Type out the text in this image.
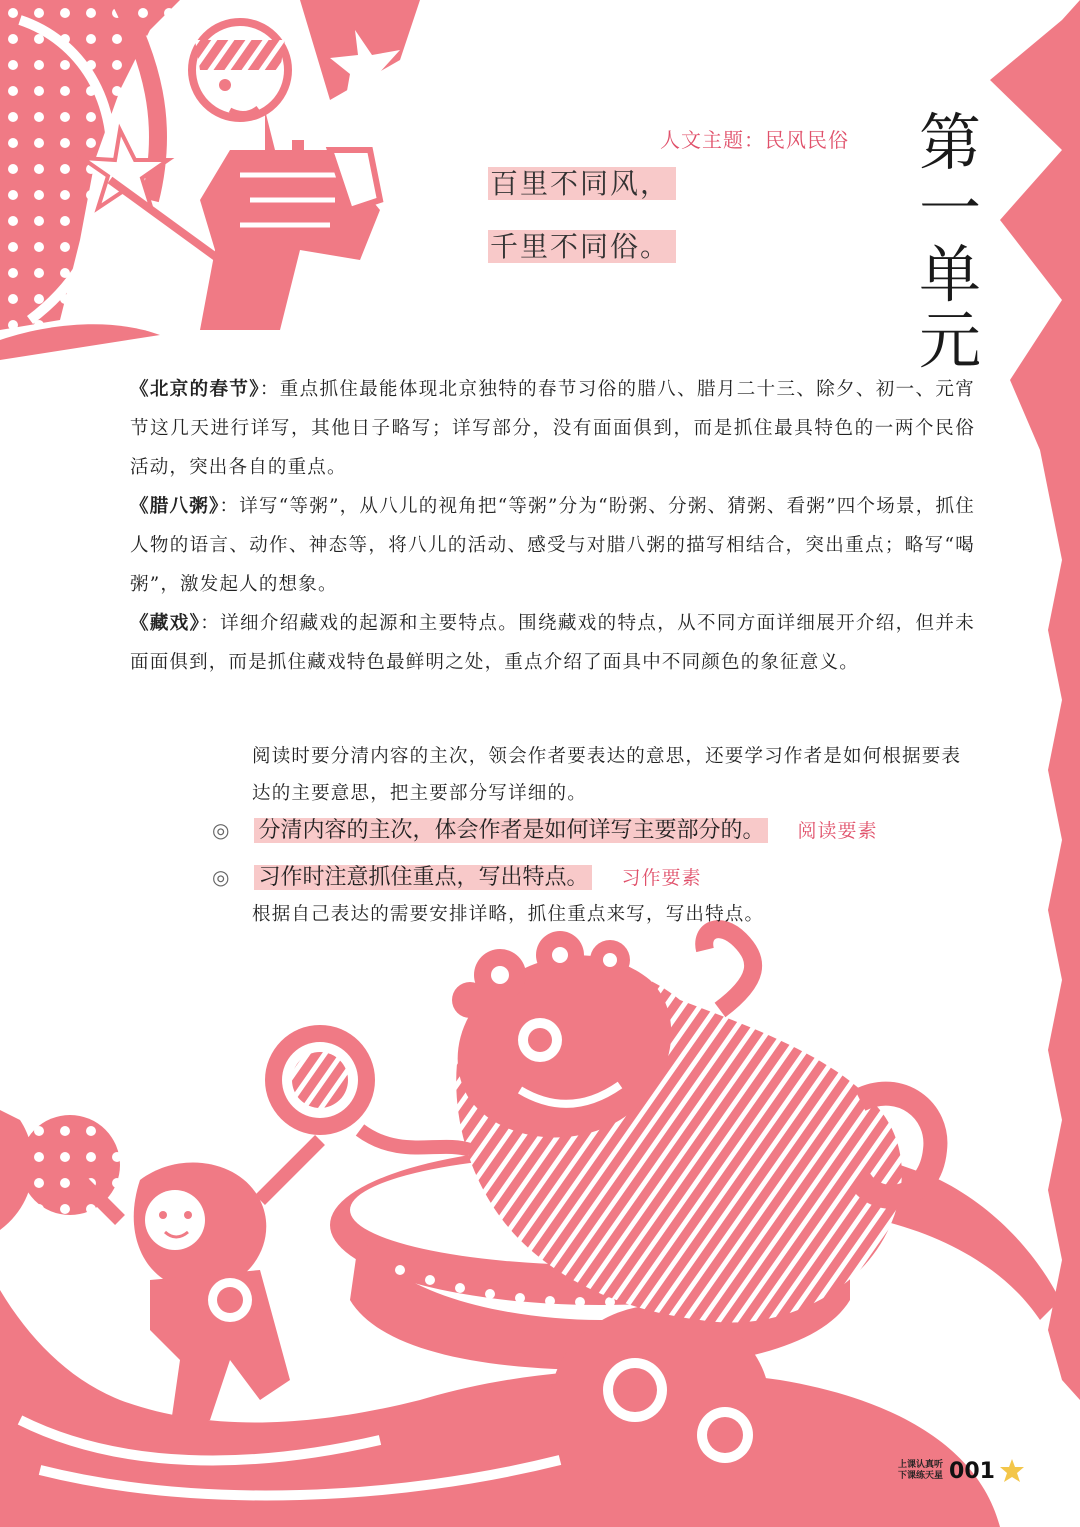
人文主题：民风民俗
百里不同风，
千里不同俗。
第
一
单
元

《北京的春节》：重点抓住最能体现北京独特的春节习俗的腊八、腊月二十三、除夕、初一、元宵节这几天进行详写，其他日子略写；详写部分，没有面面俱到，而是抓住最具特色的一两个民俗活动，突出各自的重点。

《腊八粥》：详写“等粥”，从八儿的视角把“等粥”分为“盼粥、分粥、猜粥、看粥”四个场景，抓住人物的语言、动作、神态等，将八儿的活动、感受与对腊八粥的描写相结合，突出重点；略写“喝粥”，激发起人的想象。

《藏戏》：详细介绍藏戏的起源和主要特点。围绕藏戏的特点，从不同方面详细展开介绍，但并未面面俱到，而是抓住藏戏特色最鲜明之处，重点介绍了面具中不同颜色的象征意义。

阅读时要分清内容的主次，领会作者要表达的意思，还要学习作者是如何根据要表达的主要意思，把主要部分写详细的。
◎ 分清内容的主次，体会作者是如何详写主要部分的。 阅读要素
◎ 习作时注意抓住重点，写出特点。 习作要素
根据自己表达的需要安排详略，抓住重点来写，写出特点。
上课认真听
下课练天星 001
